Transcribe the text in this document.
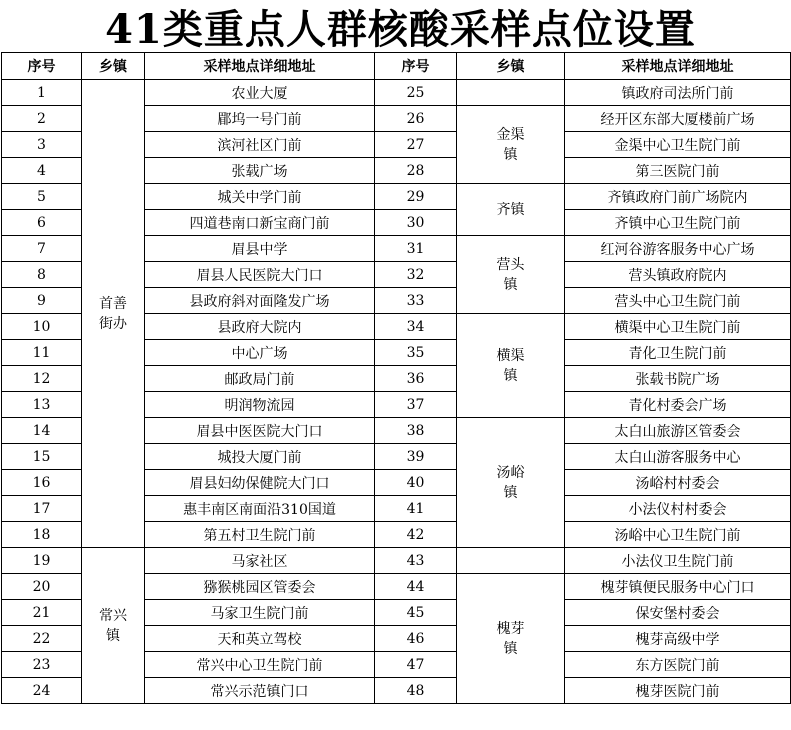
41类重点人群核酸采样点位设置
序号	乡镇	采样地点详细地址	序号	乡镇	采样地点详细地址
1	首善街办	农业大厦	25		镇政府司法所门前
2		郿坞一号门前	26	金渠镇	经开区东部大厦楼前广场
3		滨河社区门前	27		金渠中心卫生院门前
4		张载广场	28		第三医院门前
5		城关中学门前	29	齐镇	齐镇政府门前广场院内
6		四道巷南口新宝商门前	30		齐镇中心卫生院门前
7		眉县中学	31	营头镇	红河谷游客服务中心广场
8		眉县人民医院大门口	32		营头镇政府院内
9		县政府斜对面隆发广场	33		营头中心卫生院门前
10		县政府大院内	34	横渠镇	横渠中心卫生院门前
11		中心广场	35		青化卫生院门前
12		邮政局门前	36		张载书院广场
13		明润物流园	37		青化村委会广场
14		眉县中医医院大门口	38	汤峪镇	太白山旅游区管委会
15		城投大厦门前	39		太白山游客服务中心
16		眉县妇幼保健院大门口	40		汤峪村村委会
17		惠丰南区南面沿310国道	41		小法仪村村委会
18		第五村卫生院门前	42		汤峪中心卫生院门前
19	常兴镇	马家社区	43		小法仪卫生院门前
20		猕猴桃园区管委会	44	槐芽镇	槐芽镇便民服务中心门口
21		马家卫生院门前	45		保安堡村委会
22		天和英立驾校	46		槐芽高级中学
23		常兴中心卫生院门前	47		东方医院门前
24		常兴示范镇门口	48		槐芽医院门前
